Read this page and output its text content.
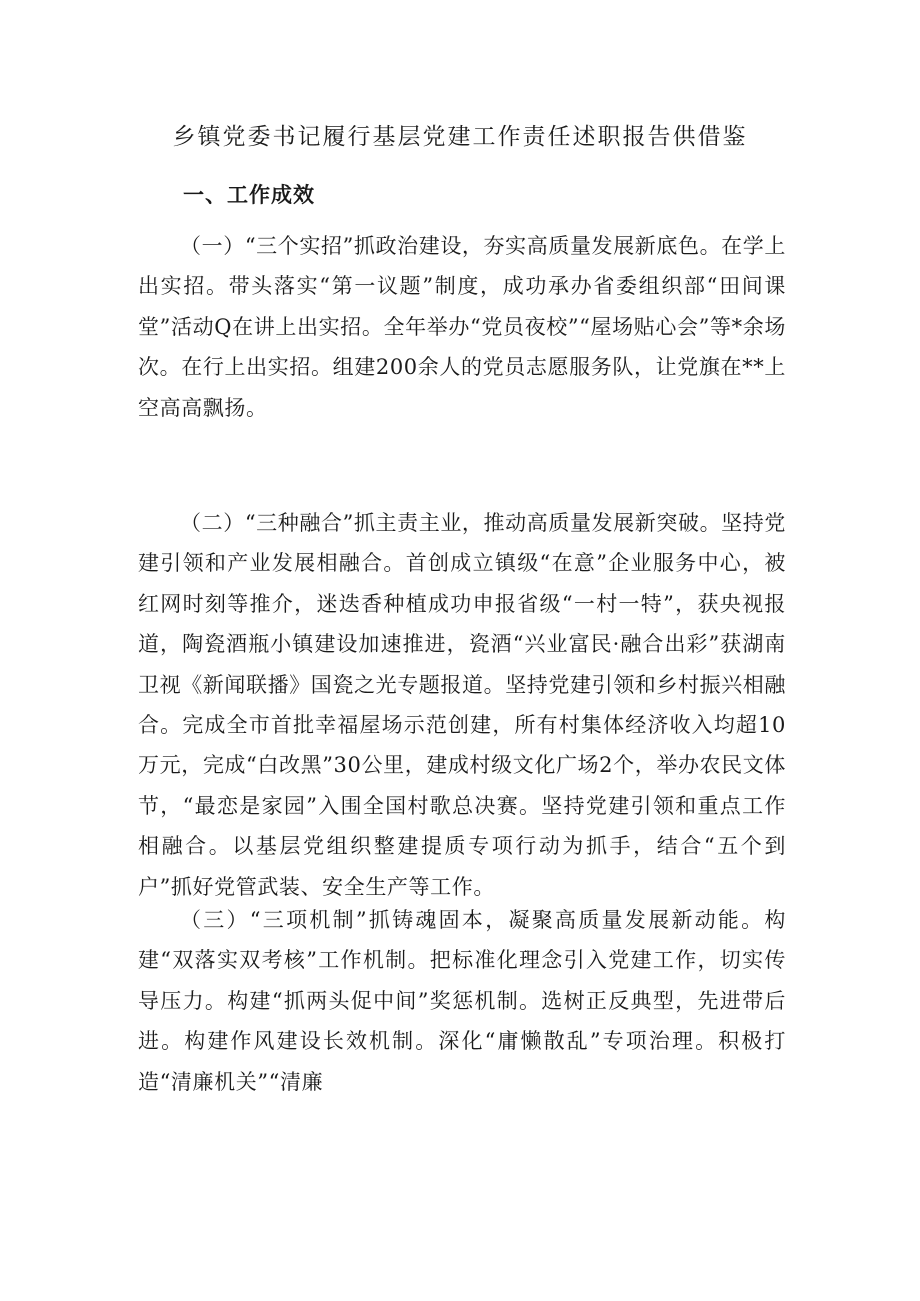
乡镇党委书记履行基层党建工作责任述职报告供借鉴
一、工作成效

（一）“三个实招”抓政治建设，夯实高质量发展新底色。在学上出实招。带头落实“第一议题”制度，成功承办省委组织部“田间课堂”活动Q在讲上出实招。全年举办“党员夜校”“屋场贴心会”等*余场次。在行上出实招。组建200余人的党员志愿服务队，让党旗在**上空高高飘扬。

（二）“三种融合”抓主责主业，推动高质量发展新突破。坚持党建引领和产业发展相融合。首创成立镇级“在意”企业服务中心，被红网时刻等推介，迷迭香种植成功申报省级“一村一特”，获央视报道，陶瓷酒瓶小镇建设加速推进，瓷酒“兴业富民·融合出彩”获湖南卫视《新闻联播》国瓷之光专题报道。坚持党建引领和乡村振兴相融合。完成全市首批幸福屋场示范创建，所有村集体经济收入均超10万元，完成“白改黑”30公里，建成村级文化广场2个，举办农民文体节，“最恋是家园”入围全国村歌总决赛。坚持党建引领和重点工作相融合。以基层党组织整建提质专项行动为抓手，结合“五个到户”抓好党管武装、安全生产等工作。

（三）“三项机制”抓铸魂固本，凝聚高质量发展新动能。构建“双落实双考核”工作机制。把标准化理念引入党建工作，切实传导压力。构建“抓两头促中间”奖惩机制。选树正反典型，先进带后进。构建作风建设长效机制。深化“庸懒散乱”专项治理。积极打造“清廉机关”“清廉
